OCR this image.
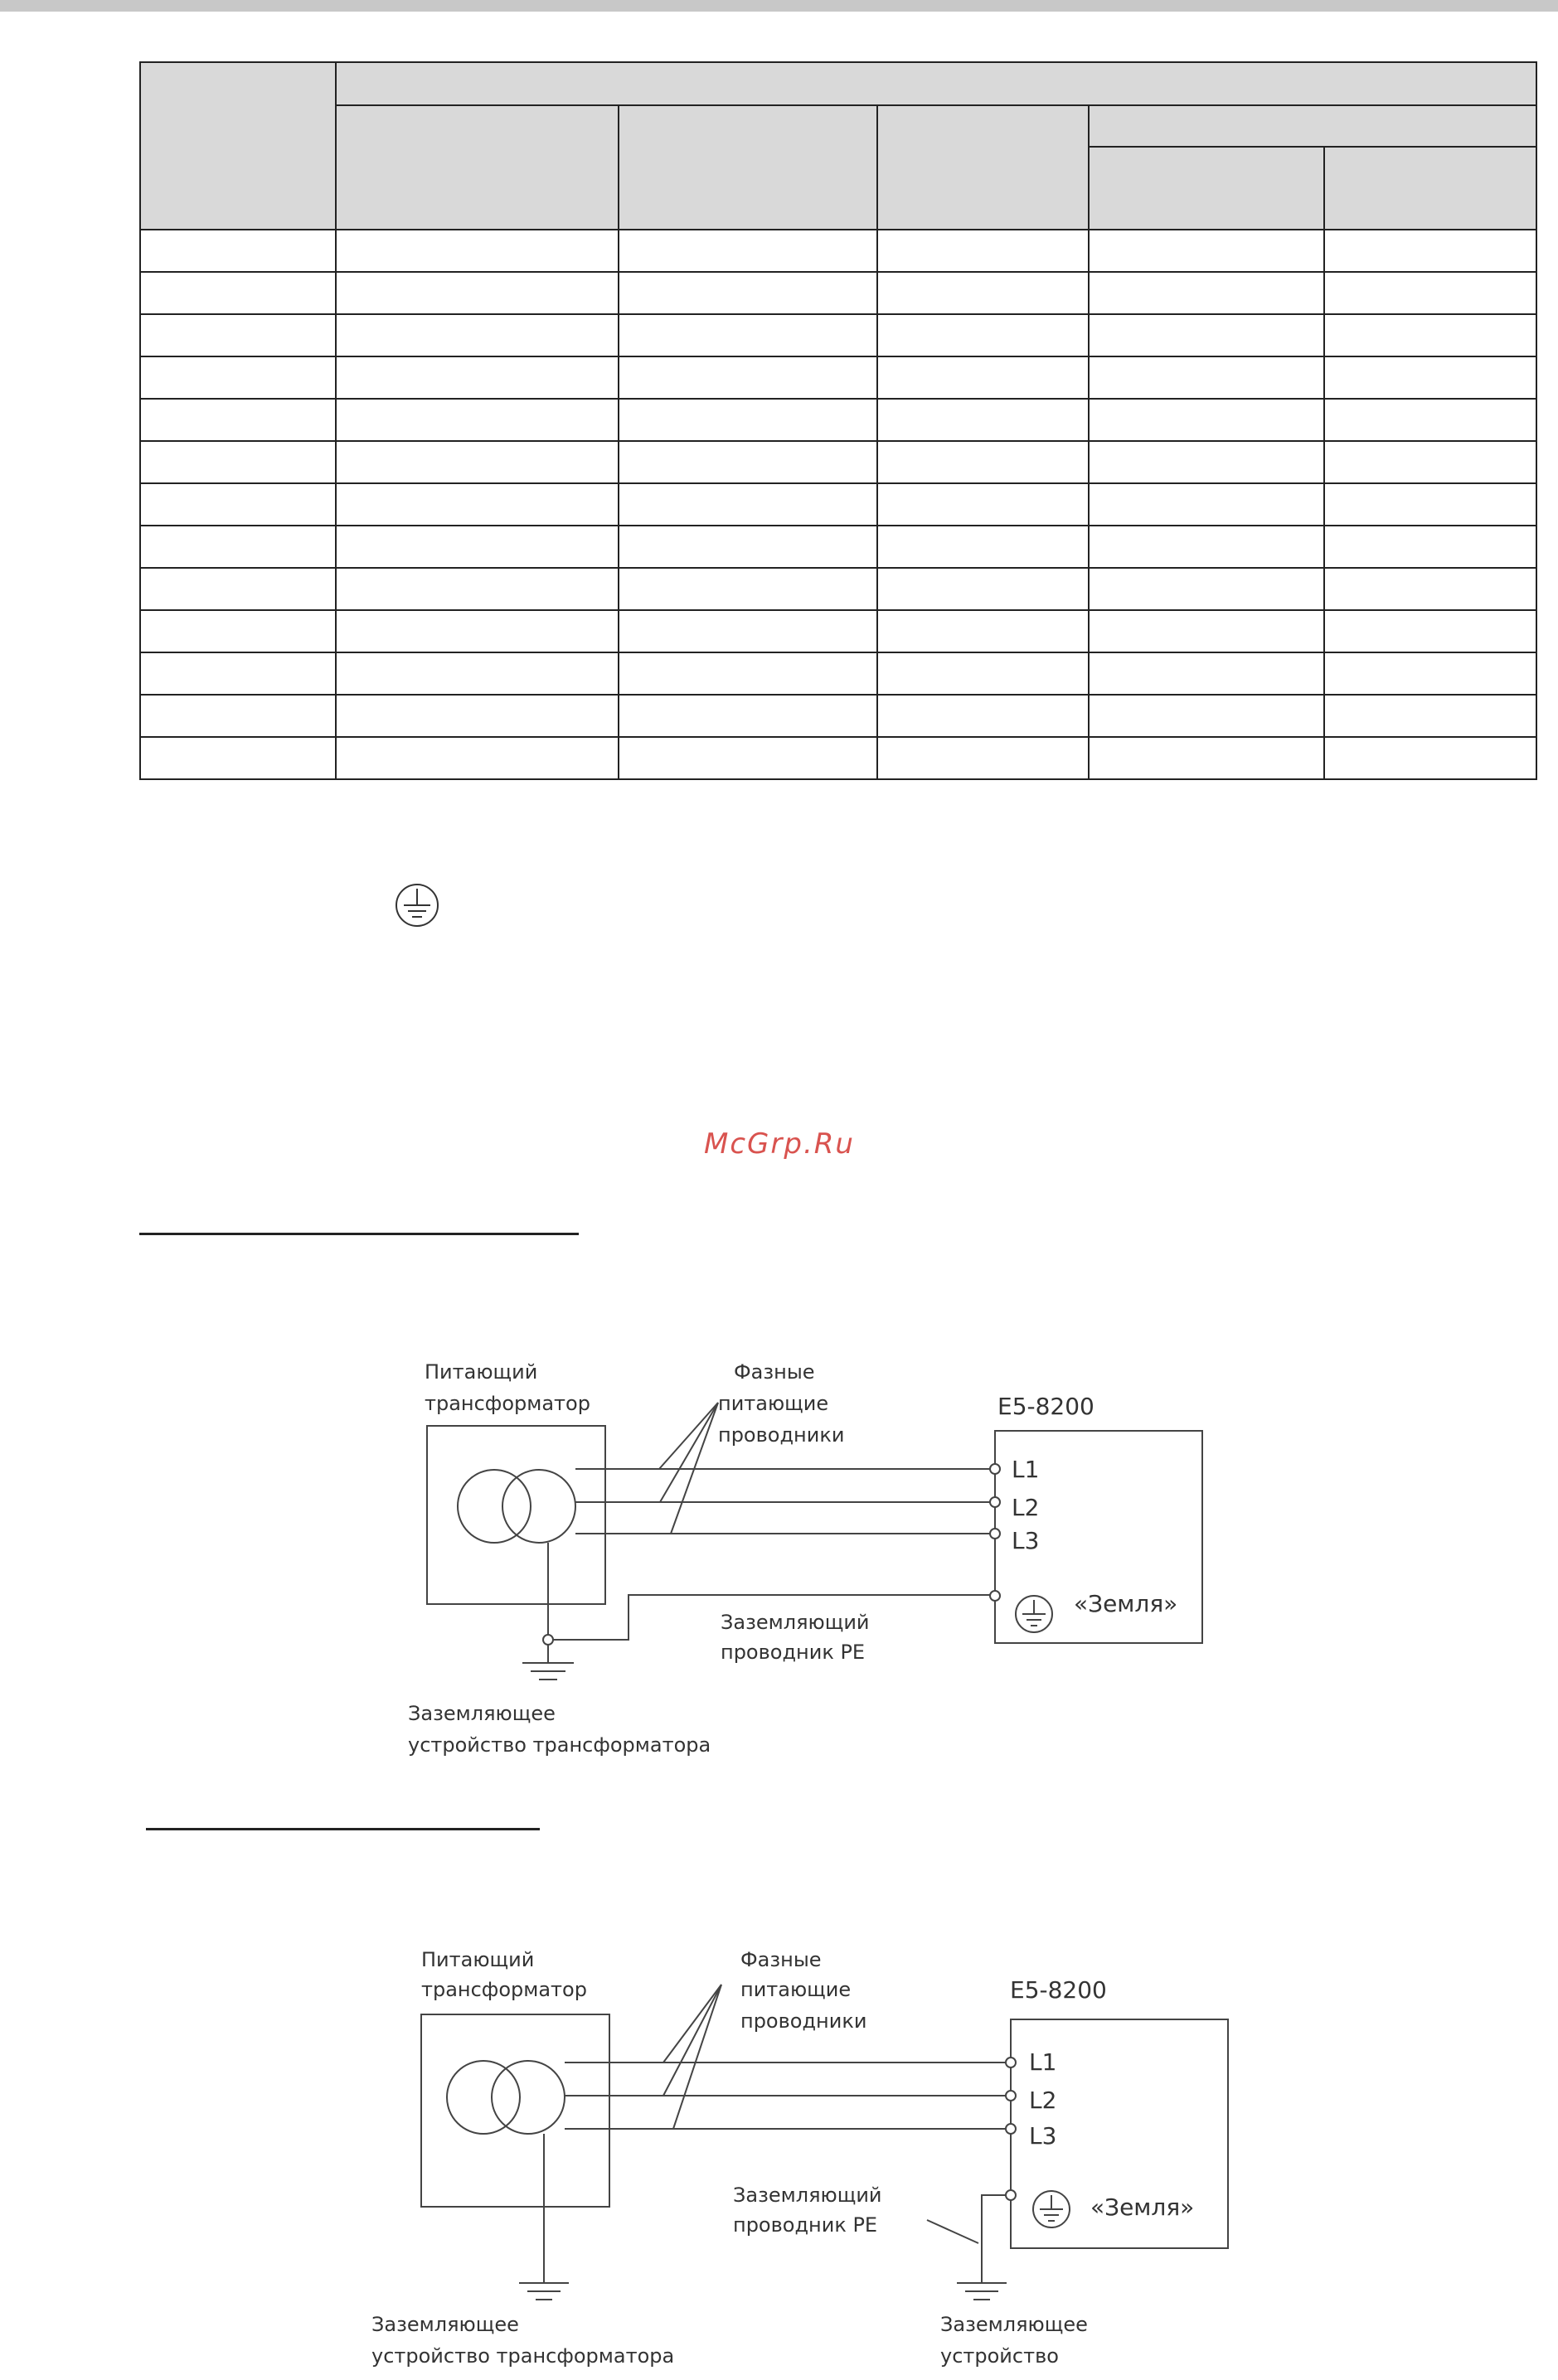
McGrp.Ru
Питающий
трансформатор
Фазные
питающие
проводники
E5-8200
L1
L2
L3
«Земля»
Заземляющий
проводник PE
Заземляющее
устройство трансформатора
Питающий
трансформатор
Фазные
питающие
проводники
E5-8200
L1
L2
L3
«Земля»
Заземляющий
проводник PE
Заземляющее
устройство трансформатора
Заземляющее
устройство
